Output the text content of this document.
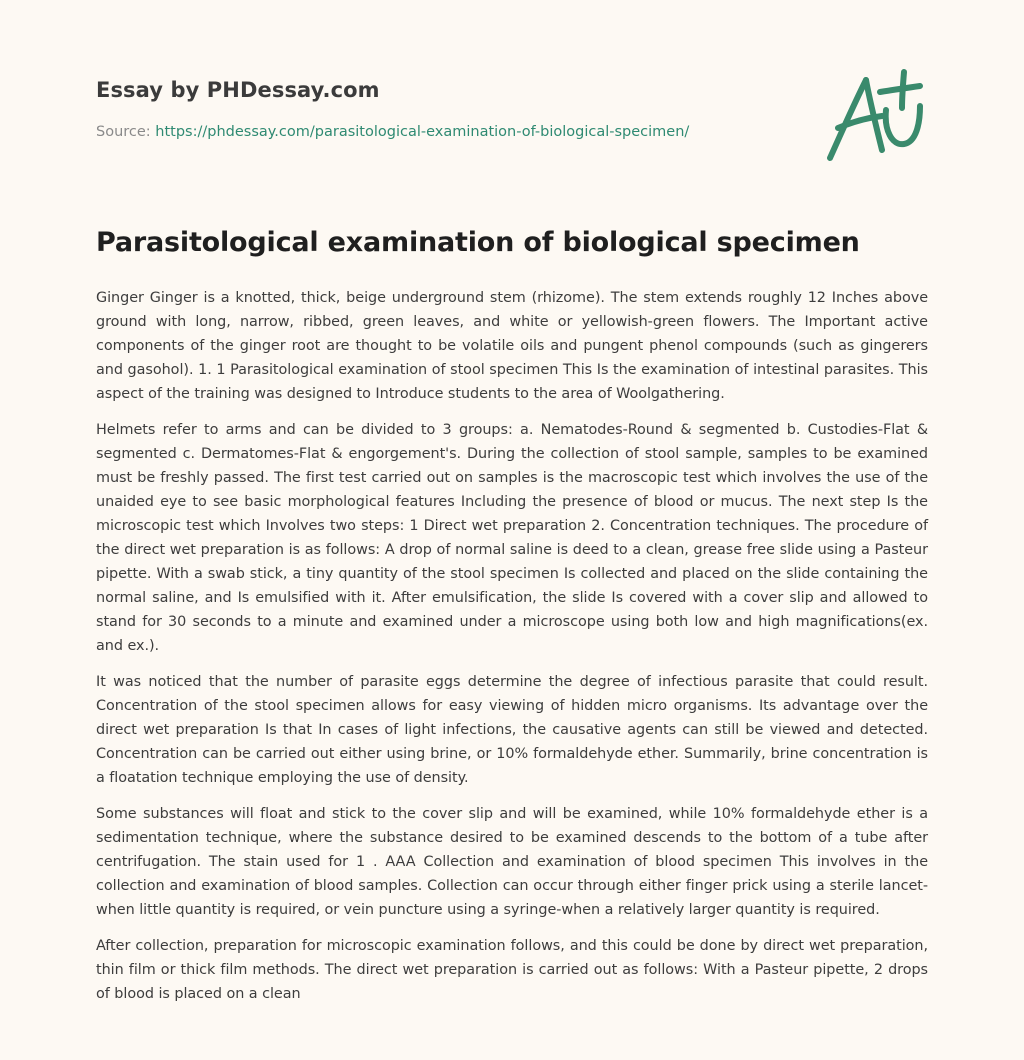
Essay by PHDessay.com
Source: https://phdessay.com/parasitological-examination-of-biological-specimen/
Parasitological examination of biological specimen

Ginger Ginger is a knotted, thick, beige underground stem (rhizome). The stem extends roughly 12 Inches above ground with long, narrow, ribbed, green leaves, and white or yellowish-green flowers. The Important active components of the ginger root are thought to be volatile oils and pungent phenol compounds (such as gingerers and gasohol). 1. 1 Parasitological examination of stool specimen This Is the examination of intestinal parasites. This aspect of the training was designed to Introduce students to the area of Woolgathering.

Helmets refer to arms and can be divided to 3 groups: a. Nematodes-Round & segmented b. Custodies-Flat & segmented c. Dermatomes-Flat & engorgement's. During the collection of stool sample, samples to be examined must be freshly passed. The first test carried out on samples is the macroscopic test which involves the use of the unaided eye to see basic morphological features Including the presence of blood or mucus. The next step Is the microscopic test which Involves two steps: 1 Direct wet preparation 2. Concentration techniques. The procedure of the direct wet preparation is as follows: A drop of normal saline is deed to a clean, grease free slide using a Pasteur pipette. With a swab stick, a tiny quantity of the stool specimen Is collected and placed on the slide containing the normal saline, and Is emulsified with it. After emulsification, the slide Is covered with a cover slip and allowed to stand for 30 seconds to a minute and examined under a microscope using both low and high magnifications(ex. and ex.).

It was noticed that the number of parasite eggs determine the degree of infectious parasite that could result. Concentration of the stool specimen allows for easy viewing of hidden micro organisms. Its advantage over the direct wet preparation Is that In cases of light infections, the causative agents can still be viewed and detected. Concentration can be carried out either using brine, or 10% formaldehyde ether. Summarily, brine concentration is a floatation technique employing the use of density.

Some substances will float and stick to the cover slip and will be examined, while 10% formaldehyde ether is a sedimentation technique, where the substance desired to be examined descends to the bottom of a tube after centrifugation. The stain used for 1 . AAA Collection and examination of blood specimen This involves in the collection and examination of blood samples. Collection can occur through either finger prick using a sterile lancet-when little quantity is required, or vein puncture using a syringe-when a relatively larger quantity is required.

After collection, preparation for microscopic examination follows, and this could be done by direct wet preparation, thin film or thick film methods. The direct wet preparation is carried out as follows: With a Pasteur pipette, 2 drops of blood is placed on a clean
